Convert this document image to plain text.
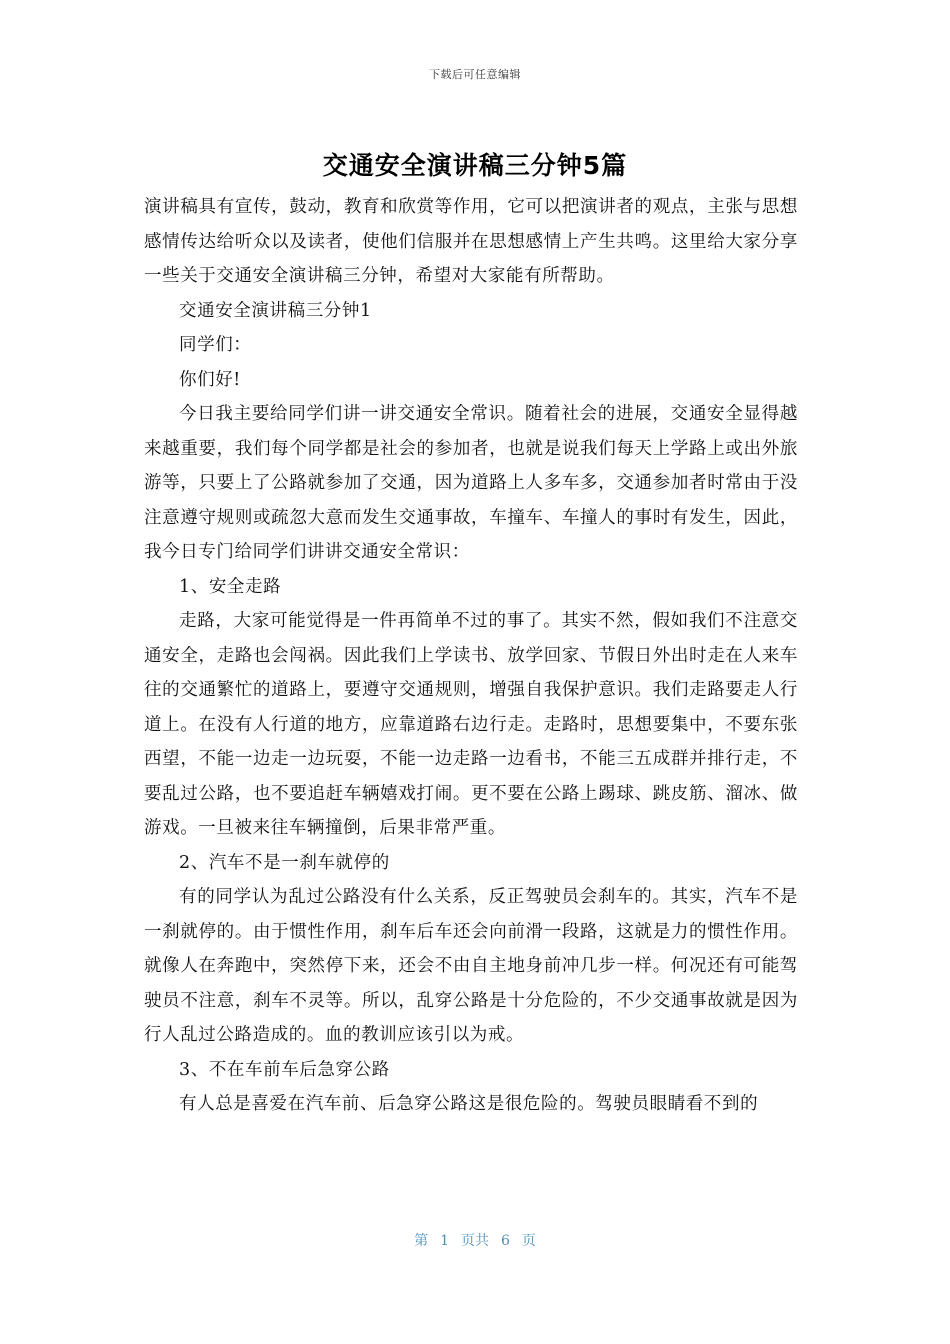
下载后可任意编辑
交通安全演讲稿三分钟5篇

演讲稿具有宣传，鼓动，教育和欣赏等作用，它可以把演讲者的观点，主张与思想感情传达给听众以及读者，使他们信服并在思想感情上产生共鸣。这里给大家分享一些关于交通安全演讲稿三分钟，希望对大家能有所帮助。

交通安全演讲稿三分钟1

同学们：

你们好!

今日我主要给同学们讲一讲交通安全常识。随着社会的进展，交通安全显得越来越重要，我们每个同学都是社会的参加者，也就是说我们每天上学路上或出外旅游等，只要上了公路就参加了交通，因为道路上人多车多，交通参加者时常由于没注意遵守规则或疏忽大意而发生交通事故，车撞车、车撞人的事时有发生，因此，我今日专门给同学们讲讲交通安全常识：

1、安全走路

走路，大家可能觉得是一件再简单不过的事了。其实不然，假如我们不注意交通安全，走路也会闯祸。因此我们上学读书、放学回家、节假日外出时走在人来车往的交通繁忙的道路上，要遵守交通规则，增强自我保护意识。我们走路要走人行道上。在没有人行道的地方，应靠道路右边行走。走路时，思想要集中，不要东张西望，不能一边走一边玩耍，不能一边走路一边看书，不能三五成群并排行走，不要乱过公路，也不要追赶车辆嬉戏打闹。更不要在公路上踢球、跳皮筋、溜冰、做游戏。一旦被来往车辆撞倒，后果非常严重。

2、汽车不是一刹车就停的

有的同学认为乱过公路没有什么关系，反正驾驶员会刹车的。其实，汽车不是一刹就停的。由于惯性作用，刹车后车还会向前滑一段路，这就是力的惯性作用。就像人在奔跑中，突然停下来，还会不由自主地身前冲几步一样。何况还有可能驾驶员不注意，刹车不灵等。所以，乱穿公路是十分危险的，不少交通事故就是因为行人乱过公路造成的。血的教训应该引以为戒。

3、不在车前车后急穿公路

有人总是喜爱在汽车前、后急穿公路这是很危险的。驾驶员眼睛看不到的

第 1 页共 6 页
